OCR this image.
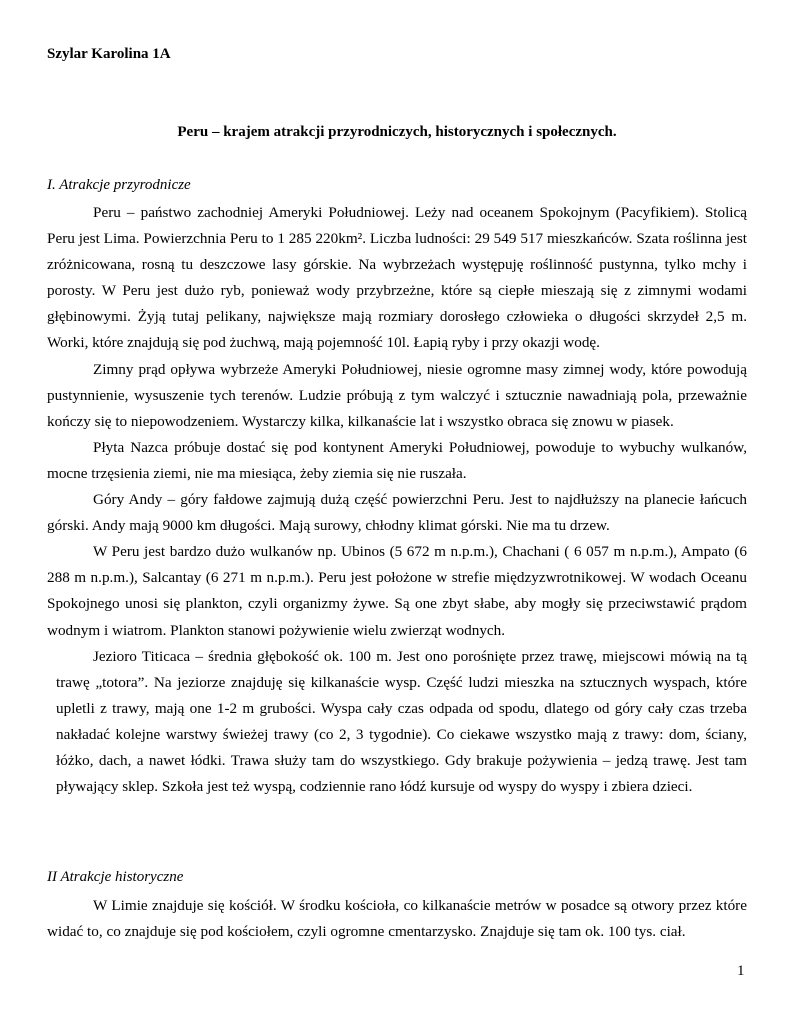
Szylar Karolina 1A
Peru – krajem atrakcji przyrodniczych, historycznych i społecznych.
I. Atrakcje przyrodnicze

Peru – państwo zachodniej Ameryki Południowej. Leży nad oceanem Spokojnym (Pacyfikiem). Stolicą Peru jest Lima. Powierzchnia Peru to 1 285 220km². Liczba ludności: 29 549 517 mieszkańców. Szata roślinna jest zróżnicowana, rosną tu deszczowe lasy górskie. Na wybrzeżach występuję roślinność pustynna, tylko mchy i porosty. W Peru jest dużo ryb, ponieważ wody przybrzeżne, które są ciepłe mieszają się z zimnymi wodami głębinowymi. Żyją tutaj pelikany, największe mają rozmiary dorosłego człowieka o długości skrzydeł 2,5 m. Worki, które znajdują się pod żuchwą, mają pojemność 10l. Łapią ryby i przy okazji wodę.

Zimny prąd opływa wybrzeże Ameryki Południowej, niesie ogromne masy zimnej wody, które powodują pustynnienie, wysuszenie tych terenów. Ludzie próbują z tym walczyć i sztucznie nawadniają pola, przeważnie kończy się to niepowodzeniem. Wystarczy kilka, kilkanaście lat i wszystko obraca się znowu w piasek.

Płyta Nazca próbuje dostać się pod kontynent Ameryki Południowej, powoduje to wybuchy wulkanów, mocne trzęsienia ziemi, nie ma miesiąca, żeby ziemia się nie ruszała.

Góry Andy – góry fałdowe zajmują dużą część powierzchni Peru. Jest to najdłuższy na planecie łańcuch górski. Andy mają 9000 km długości. Mają surowy, chłodny klimat górski. Nie ma tu drzew.

W Peru jest bardzo dużo wulkanów np. Ubinos (5 672 m n.p.m.), Chachani ( 6 057 m n.p.m.), Ampato (6 288 m n.p.m.), Salcantay (6 271 m n.p.m.). Peru jest położone w strefie międzyzwrotnikowej. W wodach Oceanu Spokojnego unosi się plankton, czyli organizmy żywe. Są one zbyt słabe, aby mogły się przeciwstawić prądom wodnym i wiatrom. Plankton stanowi pożywienie wielu zwierząt wodnych.

Jezioro Titicaca – średnia głębokość ok. 100 m. Jest ono porośnięte przez trawę, miejscowi mówią na tą trawę „totora”. Na jeziorze znajduję się kilkanaście wysp. Część ludzi mieszka na sztucznych wyspach, które upletli z trawy, mają one 1-2 m grubości. Wyspa cały czas odpada od spodu, dlatego od góry cały czas trzeba nakładać kolejne warstwy świeżej trawy (co 2, 3 tygodnie). Co ciekawe wszystko mają z trawy: dom, ściany, łóżko, dach, a nawet łódki. Trawa służy tam do wszystkiego. Gdy brakuje pożywienia – jedzą trawę. Jest tam pływający sklep. Szkoła jest też wyspą, codziennie rano łódź kursuje od wyspy do wyspy i zbiera dzieci.

II Atrakcje historyczne

W Limie znajduje się kościół. W środku kościoła, co kilkanaście metrów w posadce są otwory przez które widać to, co znajduje się pod kościołem, czyli ogromne cmentarzysko. Znajduje się tam ok. 100 tys. ciał.

1
